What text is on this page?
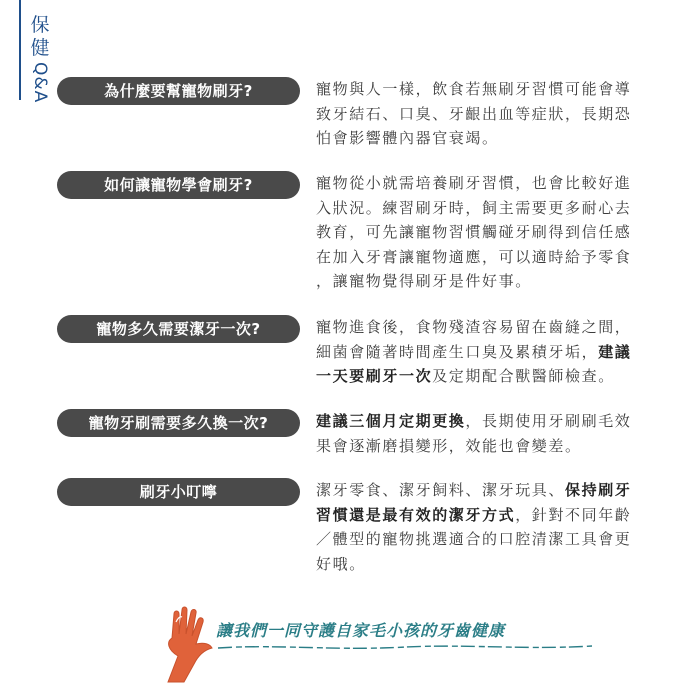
保
健
Q&A	為什麼要幫寵物刷牙?	寵物與人一樣，飲食若無刷牙習慣可能會導
致牙結石、口臭、牙齦出血等症狀，長期恐
怕會影響體內器官衰竭。
如何讓寵物學會刷牙?	寵物從小就需培養刷牙習慣，也會比較好進
入狀況。練習刷牙時，飼主需要更多耐心去
教育，可先讓寵物習慣觸碰牙刷得到信任感
在加入牙膏讓寵物適應，可以適時給予零食
，讓寵物覺得刷牙是件好事。
寵物多久需要潔牙一次?	寵物進食後，食物殘渣容易留在齒縫之間，
細菌會隨著時間產生口臭及累積牙垢，建議
一天要刷牙一次及定期配合獸醫師檢查。
寵物牙刷需要多久換一次?	建議三個月定期更換，長期使用牙刷刷毛效
果會逐漸磨損變形，效能也會變差。
刷牙小叮嚀	潔牙零食、潔牙飼料、潔牙玩具、保持刷牙
習慣還是最有效的潔牙方式，針對不同年齡
／體型的寵物挑選適合的口腔清潔工具會更
好哦。
讓我們一同守護自家毛小孩的牙齒健康
